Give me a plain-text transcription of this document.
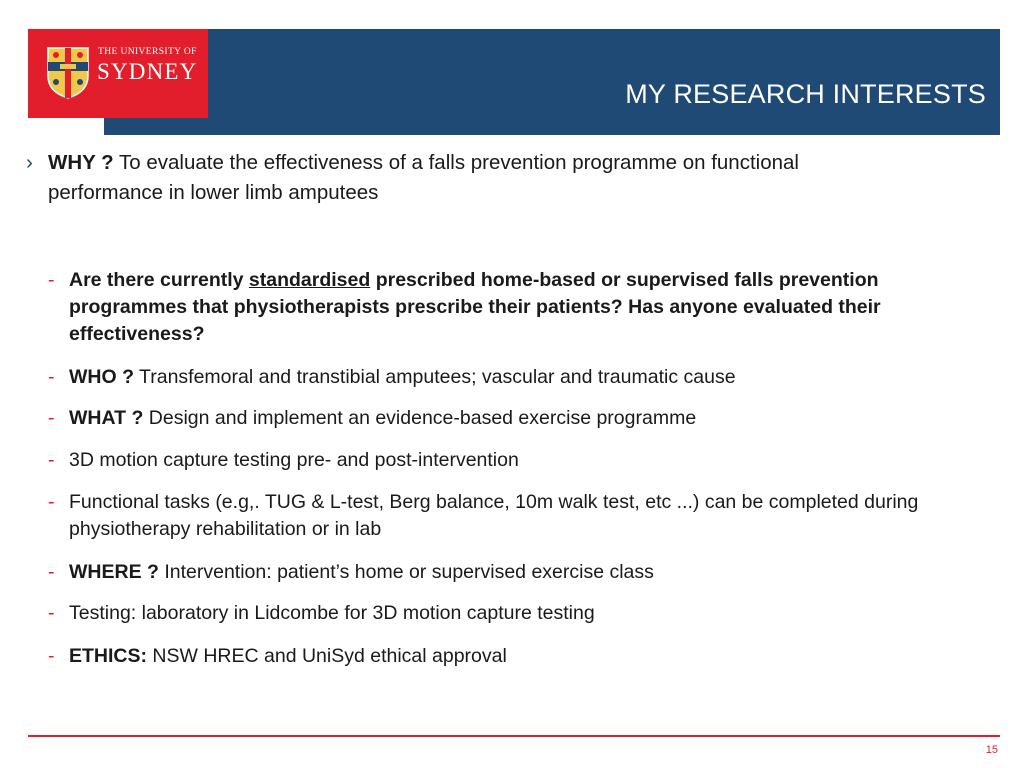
MY RESEARCH INTERESTS
THE UNIVERSITY OF
SYDNEY
› WHY ? To evaluate the effectiveness of a falls prevention programme on functional performance in lower limb amputees
- Are there currently standardised prescribed home-based or supervised falls prevention programmes that physiotherapists prescribe their patients? Has anyone evaluated their effectiveness?
- WHO ? Transfemoral and transtibial amputees; vascular and traumatic cause
- WHAT ? Design and implement an evidence-based exercise programme
- 3D motion capture testing pre- and post-intervention
- Functional tasks (e.g,. TUG & L-test, Berg balance, 10m walk test, etc ...) can be completed during physiotherapy rehabilitation or in lab
- WHERE ? Intervention: patient’s home or supervised exercise class
- Testing: laboratory in Lidcombe for 3D motion capture testing
- ETHICS: NSW HREC and UniSyd ethical approval
15
